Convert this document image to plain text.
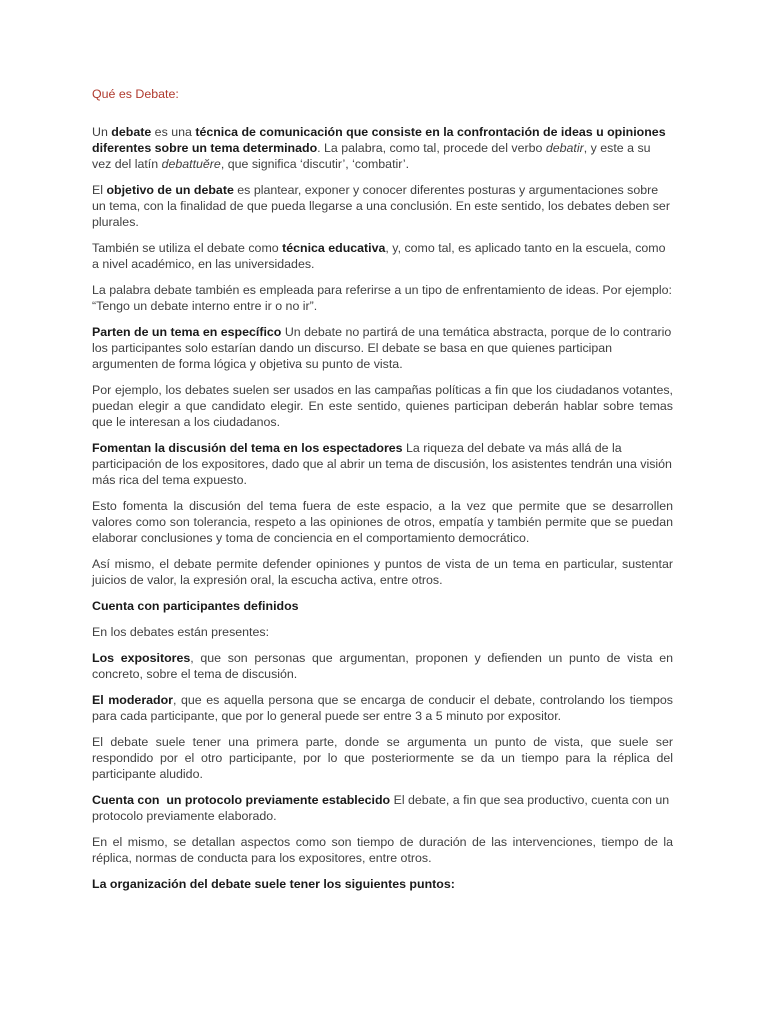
Qué es Debate:

Un debate es una técnica de comunicación que consiste en la confrontación de ideas u opiniones diferentes sobre un tema determinado. La palabra, como tal, procede del verbo debatir, y este a su vez del latín debattuĕre, que significa ‘discutir’, ‘combatir’.

El objetivo de un debate es plantear, exponer y conocer diferentes posturas y argumentaciones sobre un tema, con la finalidad de que pueda llegarse a una conclusión. En este sentido, los debates deben ser plurales.

También se utiliza el debate como técnica educativa, y, como tal, es aplicado tanto en la escuela, como a nivel académico, en las universidades.

La palabra debate también es empleada para referirse a un tipo de enfrentamiento de ideas. Por ejemplo: “Tengo un debate interno entre ir o no ir”.

Parten de un tema en específico Un debate no partirá de una temática abstracta, porque de lo contrario los participantes solo estarían dando un discurso. El debate se basa en que quienes participan argumenten de forma lógica y objetiva su punto de vista.

Por ejemplo, los debates suelen ser usados en las campañas políticas a fin que los ciudadanos votantes, puedan elegir a que candidato elegir. En este sentido, quienes participan deberán hablar sobre temas que le interesan a los ciudadanos.

Fomentan la discusión del tema en los espectadores La riqueza del debate va más allá de la participación de los expositores, dado que al abrir un tema de discusión, los asistentes tendrán una visión más rica del tema expuesto.

Esto fomenta la discusión del tema fuera de este espacio, a la vez que permite que se desarrollen valores como son tolerancia, respeto a las opiniones de otros, empatía y también permite que se puedan elaborar conclusiones y toma de conciencia en el comportamiento democrático.

Así mismo, el debate permite defender opiniones y puntos de vista de un tema en particular, sustentar juicios de valor, la expresión oral, la escucha activa, entre otros.

Cuenta con participantes definidos

En los debates están presentes:

Los expositores, que son personas que argumentan, proponen y defienden un punto de vista en concreto, sobre el tema de discusión.

El moderador, que es aquella persona que se encarga de conducir el debate, controlando los tiempos para cada participante, que por lo general puede ser entre 3 a 5 minuto por expositor.

El debate suele tener una primera parte, donde se argumenta un punto de vista, que suele ser respondido por el otro participante, por lo que posteriormente se da un tiempo para la réplica del participante aludido.

Cuenta con  un protocolo previamente establecido El debate, a fin que sea productivo, cuenta con un protocolo previamente elaborado.

En el mismo, se detallan aspectos como son tiempo de duración de las intervenciones, tiempo de la réplica, normas de conducta para los expositores, entre otros.

La organización del debate suele tener los siguientes puntos:
